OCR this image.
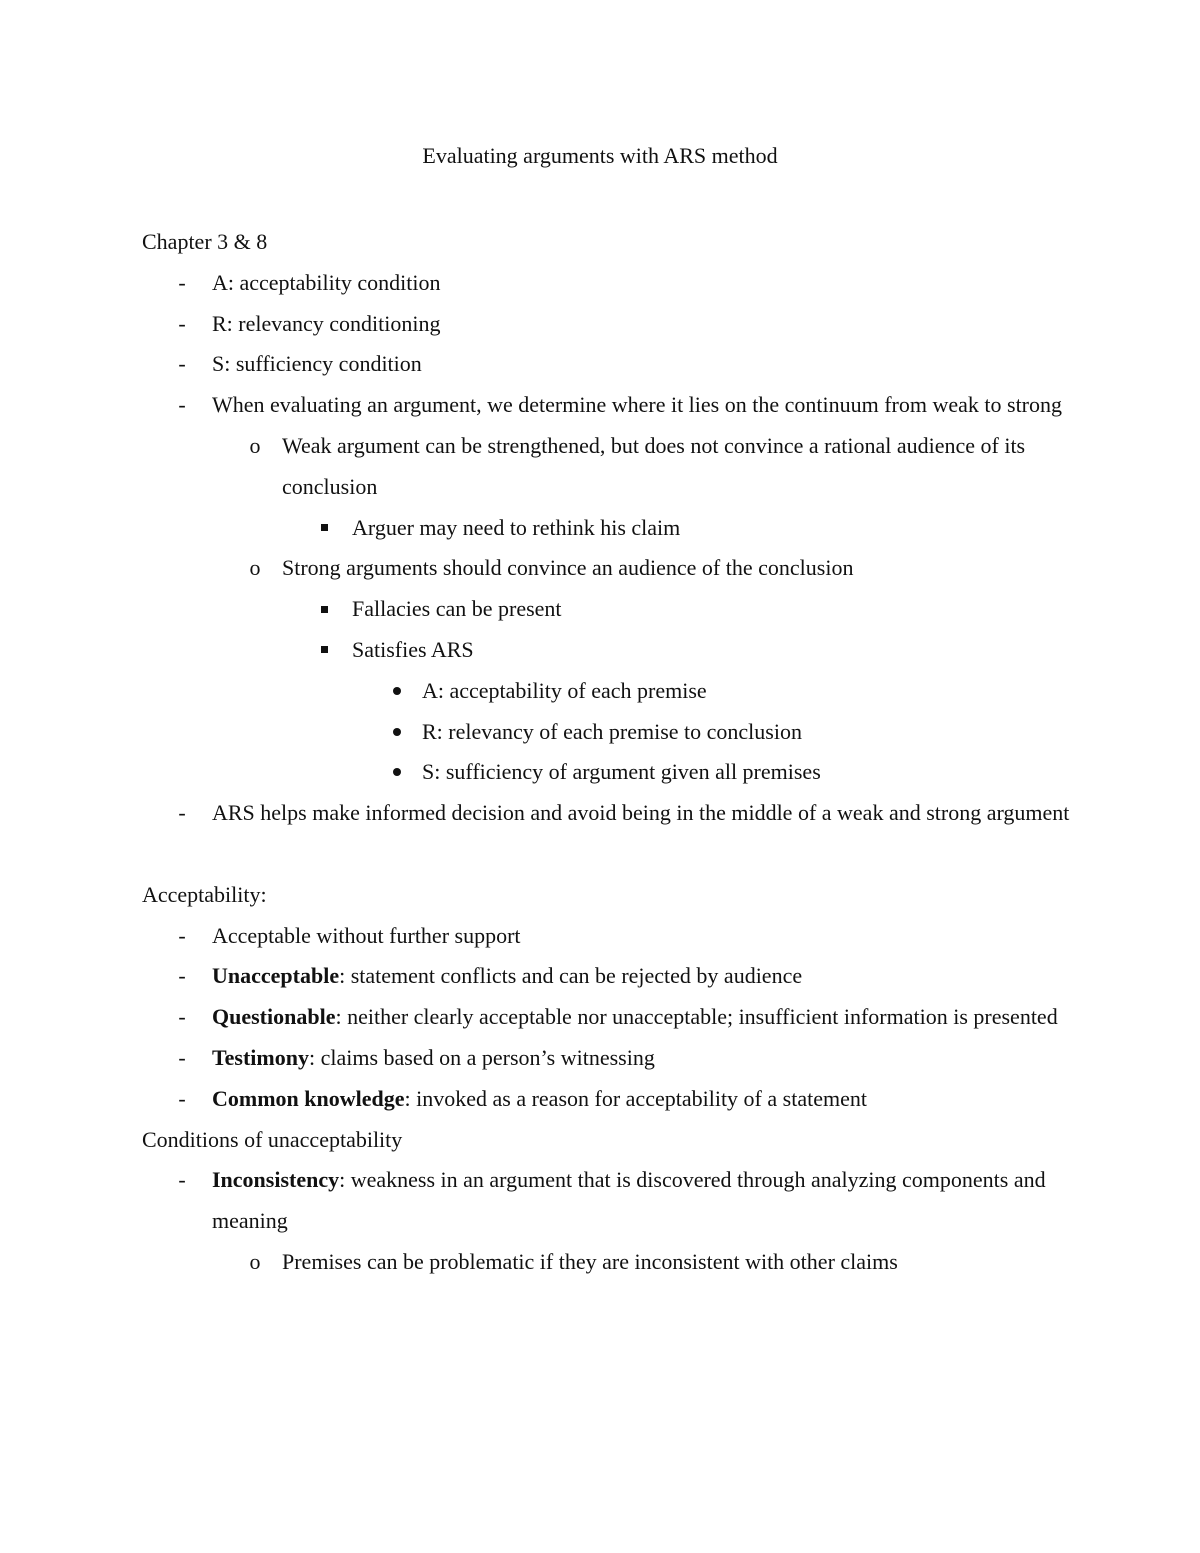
Evaluating arguments with ARS method

Chapter 3 & 8

- A: acceptability condition
- R: relevancy conditioning
- S: sufficiency condition
- When evaluating an argument, we determine where it lies on the continuum from weak to strong
o Weak argument can be strengthened, but does not convince a rational audience of its conclusion
Arguer may need to rethink his claim
o Strong arguments should convince an audience of the conclusion
Fallacies can be present
Satisfies ARS
A: acceptability of each premise
R: relevancy of each premise to conclusion
S: sufficiency of argument given all premises
- ARS helps make informed decision and avoid being in the middle of a weak and strong argument

Acceptability:

- Acceptable without further support
- Unacceptable: statement conflicts and can be rejected by audience
- Questionable: neither clearly acceptable nor unacceptable; insufficient information is presented
- Testimony: claims based on a person’s witnessing
- Common knowledge: invoked as a reason for acceptability of a statement

Conditions of unacceptability

- Inconsistency: weakness in an argument that is discovered through analyzing components and meaning
o Premises can be problematic if they are inconsistent with other claims
